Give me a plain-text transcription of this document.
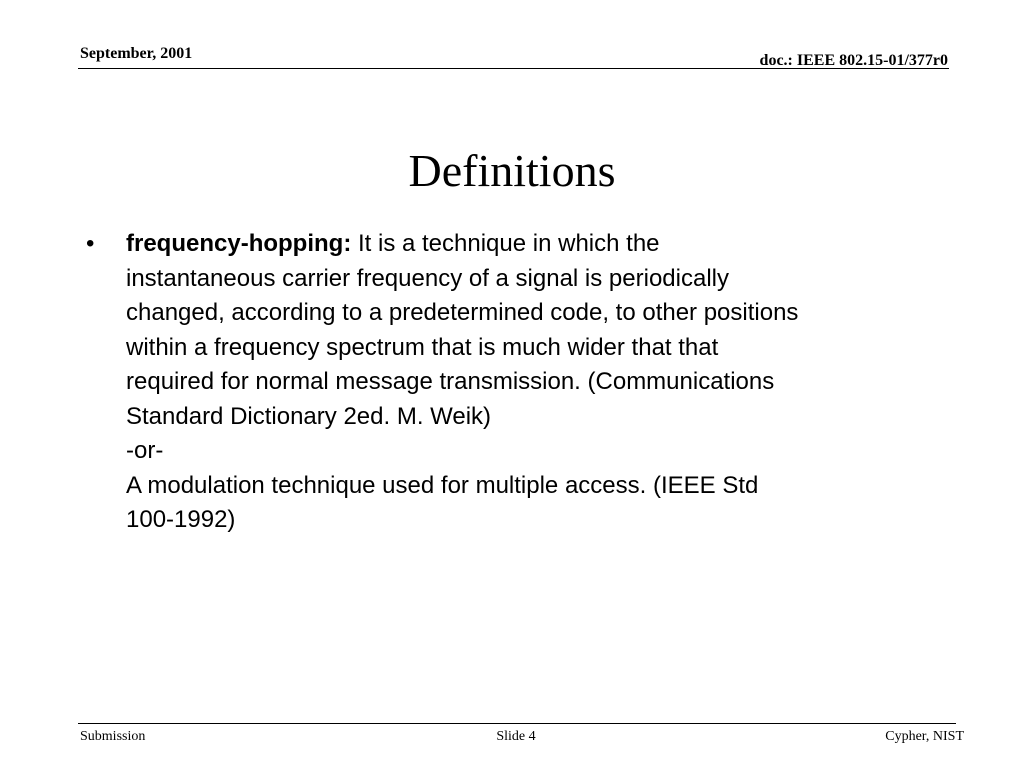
September, 2001	doc.: IEEE 802.15-01/377r0
Definitions
• frequency-hopping: It is a technique in which the
instantaneous carrier frequency of a signal is periodically
changed, according to a predetermined code, to other positions
within a frequency spectrum that is much wider that that
required for normal message transmission. (Communications
Standard Dictionary 2ed. M. Weik)
-or-
A modulation technique used for multiple access. (IEEE Std
100-1992)
Submission	Slide 4	Cypher, NIST
